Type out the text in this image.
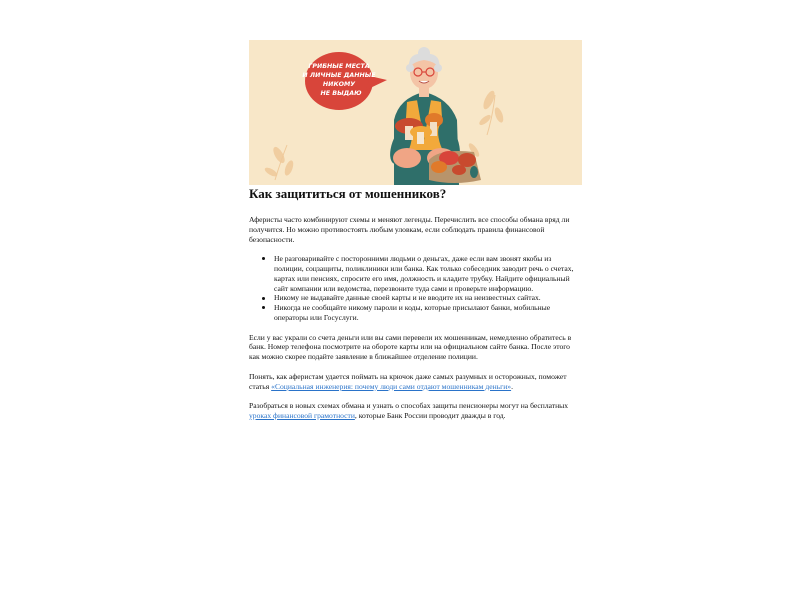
ГРИБНЫЕ МЕСТА
И ЛИЧНЫЕ ДАННЫЕ
НИКОМУ
НЕ ВЫДАЮ
Как защититься от мошенников?

Аферисты часто комбинируют схемы и меняют легенды. Перечислить все способы обмана вряд ли получится. Но можно противостоять любым уловкам, если соблюдать правила финансовой безопасности.

Не разговаривайте с посторонними людьми о деньгах, даже если вам звонят якобы из полиции, соцзащиты, поликлиники или банка. Как только собеседник заводит речь о счетах, картах или пенсиях, спросите его имя, должность и кладите трубку. Найдите официальный сайт компании или ведомства, перезвоните туда сами и проверьте информацию.
Никому не выдавайте данные своей карты и не вводите их на неизвестных сайтах.
Никогда не сообщайте никому пароли и коды, которые присылают банки, мобильные операторы или Госуслуги.

Если у вас украли со счета деньги или вы сами перевели их мошенникам, немедленно обратитесь в банк. Номер телефона посмотрите на обороте карты или на официальном сайте банка. После этого как можно скорее подайте заявление в ближайшее отделение полиции.

Понять, как аферистам удается поймать на крючок даже самых разумных и осторожных, поможет статья «Социальная инженерия: почему люди сами отдают мошенникам деньги».

Разобраться в новых схемах обмана и узнать о способах защиты пенсионеры могут на бесплатных уроках финансовой грамотности, которые Банк России проводит дважды в год.
